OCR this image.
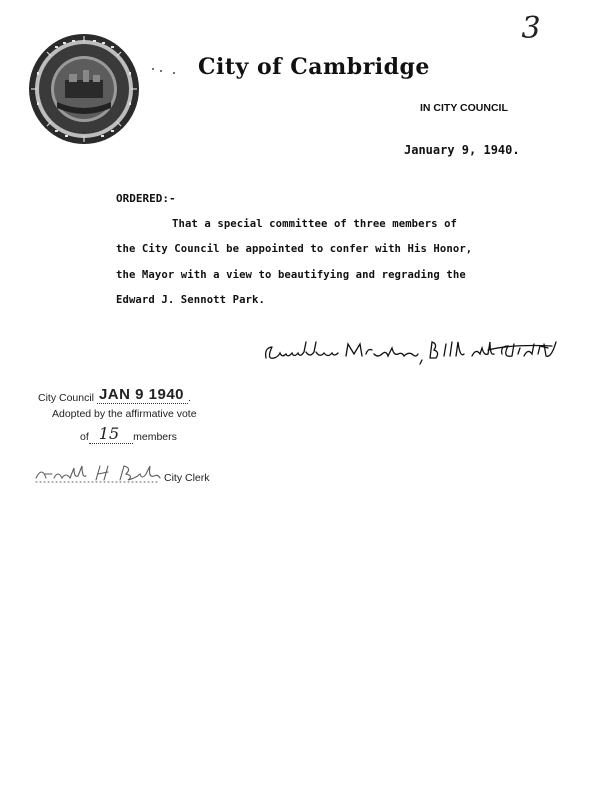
3
City of Cambridge
IN CITY COUNCIL
January 9, 1940.
ORDERED:-
That a special committee of three members of
the City Council be appointed to confer with His Honor,
the Mayor with a view to beautifying and regrading the
Edward J. Sennott Park.
City Council JAN 9 1940 .
Adopted by the affirmative vote
of 15 members
City Clerk
